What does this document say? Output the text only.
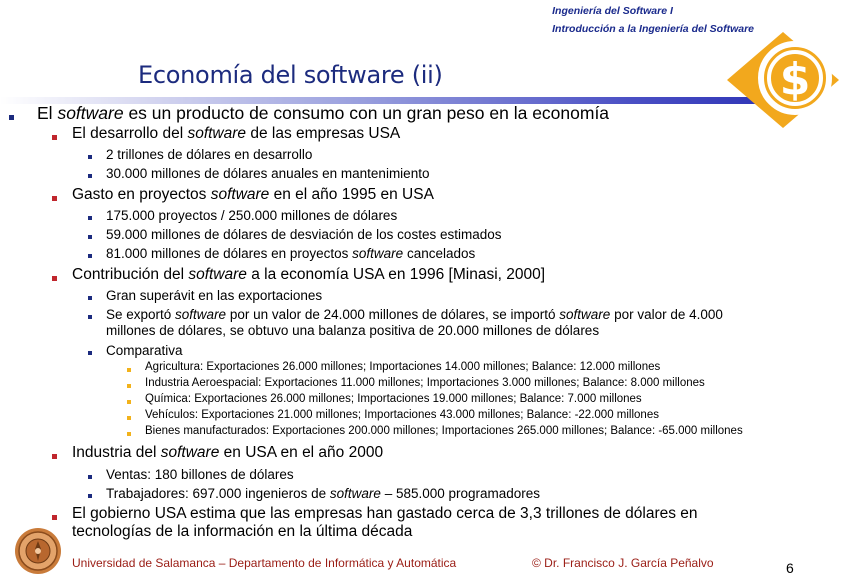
Ingeniería del Software I
Introducción a la Ingeniería del Software
Economía del software (ii)	$
El software es un producto de consumo con un gran peso en la economía
El desarrollo del software de las empresas USA
2 trillones de dólares en desarrollo
30.000 millones de dólares anuales en mantenimiento
Gasto en proyectos software en el año 1995 en USA
175.000 proyectos / 250.000 millones de dólares
59.000 millones de dólares de desviación de los costes estimados
81.000 millones de dólares en proyectos software cancelados
Contribución del software a la economía USA en 1996 [Minasi, 2000]
Gran superávit en las exportaciones
Se exportó software por un valor de 24.000 millones de dólares, se importó software por valor de 4.000
millones de dólares, se obtuvo una balanza positiva de 20.000 millones de dólares
Comparativa
Agricultura: Exportaciones 26.000 millones; Importaciones 14.000 millones; Balance: 12.000 millones
Industria Aeroespacial: Exportaciones 11.000 millones; Importaciones 3.000 millones; Balance: 8.000 millones
Química: Exportaciones 26.000 millones; Importaciones 19.000 millones; Balance: 7.000 millones
Vehículos: Exportaciones 21.000 millones; Importaciones 43.000 millones; Balance: -22.000 millones
Bienes manufacturados: Exportaciones 200.000 millones; Importaciones 265.000 millones; Balance: -65.000 millones
Industria del software en USA en el año 2000
Ventas: 180 billones de dólares
Trabajadores: 697.000 ingenieros de software – 585.000 programadores
El gobierno USA estima que las empresas han gastado cerca de 3,3 trillones de dólares en
tecnologías de la información en la última década
Universidad de Salamanca – Departamento de Informática y Automática	© Dr. Francisco J. García Peñalvo	6
